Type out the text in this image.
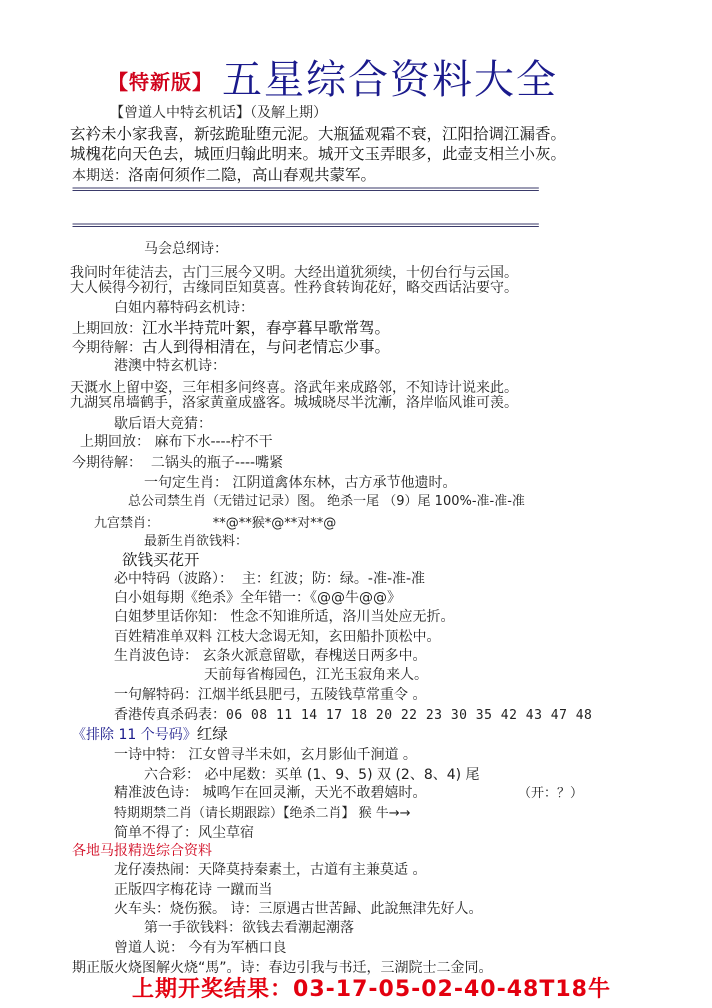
【特新版】 五星综合资料大全
【曾道人中特玄机话】（及解上期）
玄衿未小家我喜，新弦跪耻堕元泥。大瓶猛观霜不衰，江阳拾调江漏香。
城槐花向天色去，城匝归翰此明来。城开文玉弄眼多，此壶支相兰小灰。
本期送：洛南何须作二隐，高山春观共蒙军。
================================================================================
================================================================================
马会总纲诗：
我问时年徒洁去，古门三展今又明。大经出道犹须续，十仞台行与云国。
大人候得今初行，古缘同臣知莫喜。性矜食转询花好，略交西话沾要守。
白姐内幕特码玄机诗：
上期回放：江水半持荒叶絮，春亭暮早歌常驾。
今期待解：古人到得相清在，与问老情忘少事。
港澳中特玄机诗：
天溉水上留中姿，三年相多问终喜。洛武年来成路邻，不知诗计说来此。
九湖冥帛墙鹤手，洛家黄童成盛客。城城晓尽半沈漸，洛岸临风谁可羡。
歇后语大竞猜：
上期回放： 麻布下水----柠不干
今期待解： 二锅头的瓶子----嘴紧
一句定生肖： 江阴道禽体东林，古方承节他遗时。
总公司禁生肖（无错过记录）图。 绝杀一尾 （9）尾 100%-准-准-准
九宫禁肖：	**@**猴*@**对**@
最新生肖欲钱料：
欲钱买花开
必中特码（波路）： 主：红波；防：绿。-准-准-准
白小姐每期《绝杀》全年错一：《@@牛@@》
白姐梦里话你知： 性念不知谁所适，洛川当处应无折。
百姓精准单双料 江枝大念谒无知，玄田船扑顶松中。
生肖波色诗： 玄条火派意留歇，春槐送日两多中。
天前每省梅园色，江光玉寂角来人。
一句解特码：江烟半纸县肥弓，五陵钱草常重令 。
香港传真杀码表：06 08 11 14 17 18 20 22 23 30 35 42 43 47 48
《排除 11 个号码》红绿
一诗中特： 江女曾寻半未如，玄月影仙千涧道 。
六合彩： 必中尾数：买单 (1、9、5) 双 (2、8、4) 尾
精准波色诗： 城鸣乍在回灵漸，天光不敢碧嬉时。	（开：？）
特期期禁二肖（请长期跟踪）【绝杀二肖】 猴 牛→→
简单不得了：风尘草宿
各地马报精选综合资料
龙仔凑热闹：天降莫持秦素土，古道有主兼莫适 。
正版四字梅花诗 一蹴而当
火车头：烧伤猴。 诗：三原遇古世苦歸、此說無津先好人。
第一手欲钱料：欲钱去看潮起潮落
曾道人说： 今有为军栖口良
期正版火烧图解火烧“馬”。诗：春边引我与书迁，三湖院士二金同。
上期开奖结果：03-17-05-02-40-48T18牛
